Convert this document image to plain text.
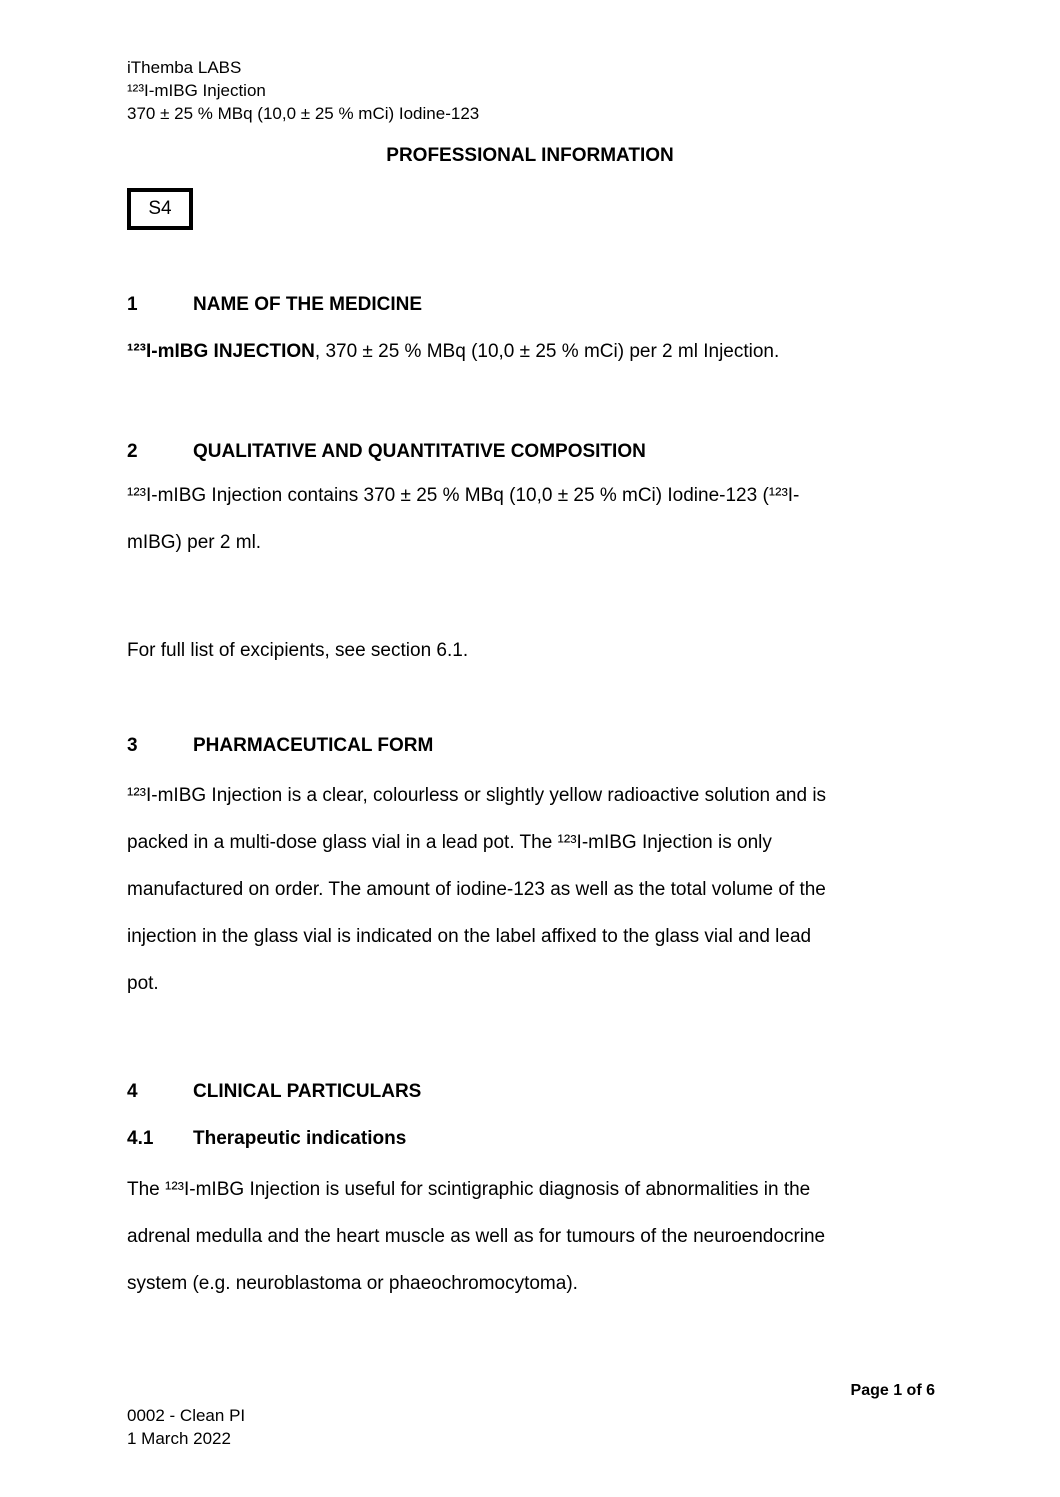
iThemba LABS
¹²³I-mIBG Injection
370 ± 25 % MBq (10,0 ± 25 % mCi) Iodine-123
PROFESSIONAL INFORMATION
S4
1	NAME OF THE MEDICINE
¹²³I-mIBG INJECTION, 370 ± 25 % MBq (10,0 ± 25 % mCi) per 2 ml Injection.
2	QUALITATIVE AND QUANTITATIVE COMPOSITION
¹²³I-mIBG Injection contains 370 ± 25 % MBq (10,0 ± 25 % mCi) Iodine-123 (¹²³I-
mIBG) per 2 ml.
For full list of excipients, see section 6.1.
3	PHARMACEUTICAL FORM
¹²³I-mIBG Injection is a clear, colourless or slightly yellow radioactive solution and is
packed in a multi-dose glass vial in a lead pot. The ¹²³I-mIBG Injection is only
manufactured on order. The amount of iodine-123 as well as the total volume of the
injection in the glass vial is indicated on the label affixed to the glass vial and lead
pot.
4	CLINICAL PARTICULARS
4.1	Therapeutic indications
The ¹²³I-mIBG Injection is useful for scintigraphic diagnosis of abnormalities in the
adrenal medulla and the heart muscle as well as for tumours of the neuroendocrine
system (e.g. neuroblastoma or phaeochromocytoma).
Page 1 of 6
0002 - Clean PI
1 March 2022
